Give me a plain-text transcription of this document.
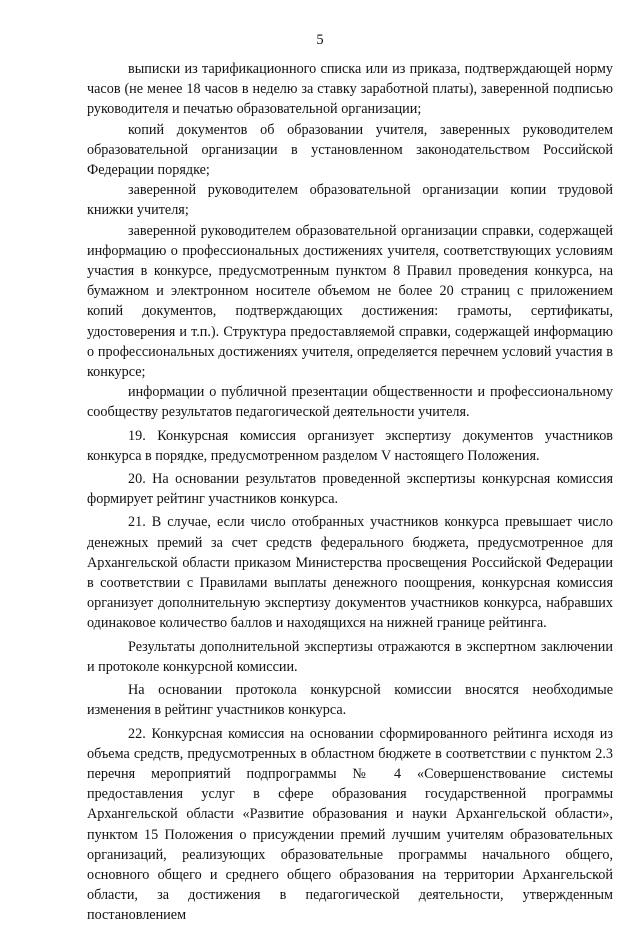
5

выписки из тарификационного списка или из приказа, подтверждающей норму часов (не менее 18 часов в неделю за ставку заработной платы), заверенной подписью руководителя и печатью образовательной организации;

копий документов об образовании учителя, заверенных руководителем образовательной организации в установленном законодательством Российской Федерации порядке;

заверенной руководителем образовательной организации копии трудовой книжки учителя;

заверенной руководителем образовательной организации справки, содержащей информацию о профессиональных достижениях учителя, соответствующих условиям участия в конкурсе, предусмотренным пунктом 8 Правил проведения конкурса, на бумажном и электронном носителе объемом не более 20 страниц с приложением копий документов, подтверждающих достижения: грамоты, сертификаты, удостоверения и т.п.). Структура предоставляемой справки, содержащей информацию о профессиональных достижениях учителя, определяется перечнем условий участия в конкурсе;

информации о публичной презентации общественности и профессиональному сообществу результатов педагогической деятельности учителя.

19. Конкурсная комиссия организует экспертизу документов участников конкурса в порядке, предусмотренном разделом V настоящего Положения.

20. На основании результатов проведенной экспертизы конкурсная комиссия формирует рейтинг участников конкурса.

21. В случае, если число отобранных участников конкурса превышает число денежных премий за счет средств федерального бюджета, предусмотренное для Архангельской области приказом Министерства просвещения Российской Федерации в соответствии с Правилами выплаты денежного поощрения, конкурсная комиссия организует дополнительную экспертизу документов участников конкурса, набравших одинаковое количество баллов и находящихся на нижней границе рейтинга.

Результаты дополнительной экспертизы отражаются в экспертном заключении и протоколе конкурсной комиссии.

На основании протокола конкурсной комиссии вносятся необходимые изменения в рейтинг участников конкурса.

22. Конкурсная комиссия на основании сформированного рейтинга исходя из объема средств, предусмотренных в областном бюджете в соответствии с пунктом 2.3 перечня мероприятий подпрограммы № 4 «Совершенствование системы предоставления услуг в сфере образования государственной программы Архангельской области «Развитие образования и науки Архангельской области», пунктом 15 Положения о присуждении премий лучшим учителям образовательных организаций, реализующих образовательные программы начального общего, основного общего и среднего общего образования на территории Архангельской области, за достижения в педагогической деятельности, утвержденным постановлением
